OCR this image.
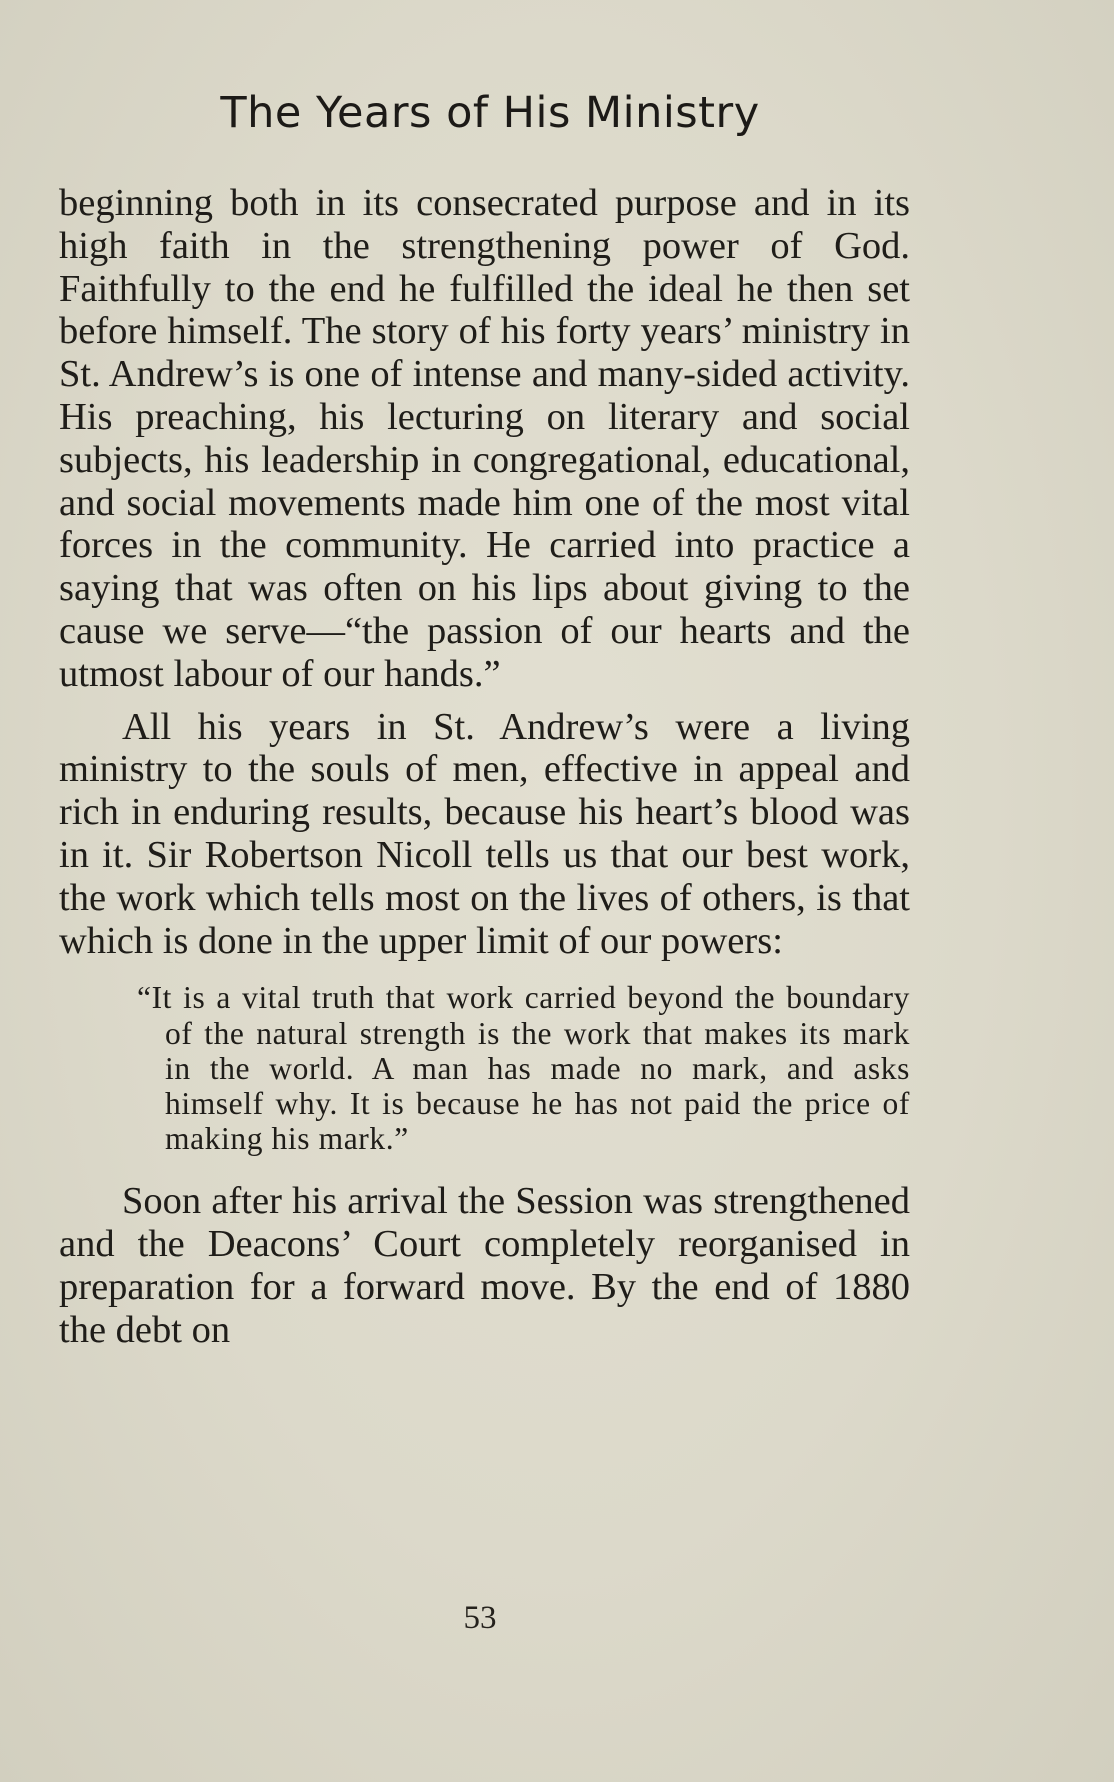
The Years of His Ministry

beginning both in its consecrated purpose and in its high faith in the strengthening power of God. Faithfully to the end he fulfilled the ideal he then set before himself. The story of his forty years’ ministry in St. Andrew’s is one of intense and many-sided activity. His preaching, his lecturing on literary and social subjects, his leadership in congregational, educational, and social movements made him one of the most vital forces in the community. He carried into practice a saying that was often on his lips about giving to the cause we serve—“the passion of our hearts and the utmost labour of our hands.”

All his years in St. Andrew’s were a living ministry to the souls of men, effective in appeal and rich in enduring results, because his heart’s blood was in it. Sir Robertson Nicoll tells us that our best work, the work which tells most on the lives of others, is that which is done in the upper limit of our powers:

“It is a vital truth that work carried beyond the boundary of the natural strength is the work that makes its mark in the world. A man has made no mark, and asks himself why. It is because he has not paid the price of making his mark.”

Soon after his arrival the Session was strengthened and the Deacons’ Court completely reorganised in preparation for a forward move. By the end of 1880 the debt on

53
